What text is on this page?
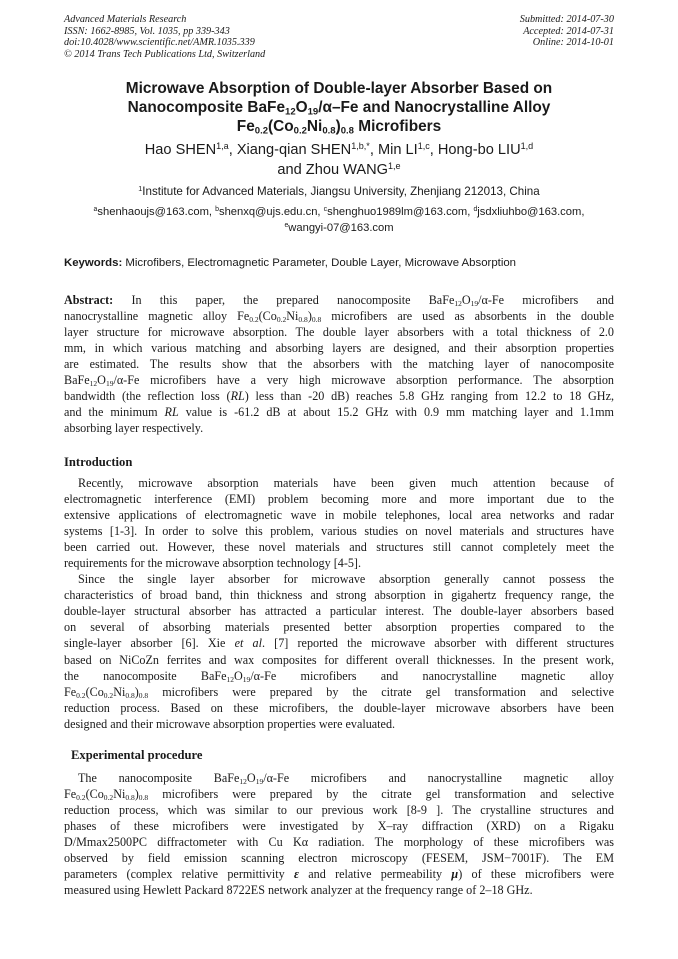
Advanced Materials Research
ISSN: 1662-8985, Vol. 1035, pp 339-343
doi:10.4028/www.scientific.net/AMR.1035.339
© 2014 Trans Tech Publications Ltd, Switzerland
Submitted: 2014-07-30
Accepted: 2014-07-31
Online: 2014-10-01
Microwave Absorption of Double-layer Absorber Based on
Nanocomposite $BaFe_{12}O_{19}/\alpha-Fe$ and Nanocrystalline Alloy
$Fe_{0.2}(Co_{0.2}Ni_{0.8})_{0.8}$ Microfibers
Hao SHEN$^{1,a}$, Xiang-qian $SHEN^{1,b,*}$, Min LI$^{1,c}$, Hong-bo LIU$^{1,d}$
and Zhou WANG$^{1,e}$
$^1$Institute for Advanced Materials, Jiangsu University, Zhenjiang 212013, China
$^a$shenhaoujs@163.com, $^b$shenxq@ujs.edu.cn, $^c$shenghuo1989lm@163.com, $^d$jsdxliuhbo@163.com,
$^e$wangyi-07@163.com
Keywords: Microfibers, Electromagnetic Parameter, Double Layer, Microwave Absorption
Abstract: In this paper, the prepared nanocomposite $BaFe_{12}O_{19}/\alpha-Fe$ microfibers and
nanocrystalline magnetic alloy $Fe_{0.2}(Co_{0.2}Ni_{0.8})_{0.8}$ microfibers are used as absorbents in the double
layer structure for microwave absorption. The double layer absorbers with a total thickness of 2.0
mm, in which various matching and absorbing layers are designed, and their absorption properties
are estimated. The results show that the absorbers with the matching layer of nanocomposite
$BaFe_{12}O_{19}/\alpha-Fe$ microfibers have a very high microwave absorption performance. The absorption
bandwidth (the reflection loss (RL) less than -20 dB) reaches 5.8 GHz ranging from 12.2 to 18 GHz,
and the minimum RL value is -61.2 dB at about 15.2 GHz with 0.9 mm matching layer and 1.1mm
absorbing layer respectively.
Introduction
Recently, microwave absorption materials have been given much attention because of
electromagnetic interference (EMI) problem becoming more and more important due to the
extensive applications of electromagnetic wave in mobile telephones, local area networks and radar
systems [1-3]. In order to solve this problem, various studies on novel materials and structures have
been carried out. However, these novel materials and structures still cannot completely meet the
requirements for the microwave absorption technology [4-5].
Since the single layer absorber for microwave absorption generally cannot possess the
characteristics of broad band, thin thickness and strong absorption in gigahertz frequency range, the
double-layer structural absorber has attracted a particular interest. The double-layer absorbers based
on several of absorbing materials presented better absorption properties compared to the
single-layer absorber [6]. Xie et al. [7] reported the microwave absorber with different structures
based on NiCoZn ferrites and wax composites for different overall thicknesses. In the present work,
the nanocomposite $BaFe_{12}O_{19}/\alpha-Fe$ microfibers and nanocrystalline magnetic alloy
$Fe_{0.2}(Co_{0.2}Ni_{0.8})_{0.8}$ microfibers were prepared by the citrate gel transformation and selective
reduction process. Based on these microfibers, the double-layer microwave absorbers have been
designed and their microwave absorption properties were evaluated.
Experimental procedure
The nanocomposite $BaFe_{12}O_{19}/\alpha-Fe$ microfibers and nanocrystalline magnetic alloy
$Fe_{0.2}(Co_{0.2}Ni_{0.8})_{0.8}$ microfibers were prepared by the citrate gel transformation and selective
reduction process, which was similar to our previous work [8-9 ]. The crystalline structures and
phases of these microfibers were investigated by X–ray diffraction (XRD) on a Rigaku
D/Mmax2500PC diffractometer with Cu Kα radiation. The morphology of these microfibers was
observed by field emission scanning electron microscopy (FESEM, JSM−7001F). The EM
parameters (complex relative permittivity ε and relative permeability μ) of these microfibers were
measured using Hewlett Packard 8722ES network analyzer at the frequency range of 2–18 GHz.
